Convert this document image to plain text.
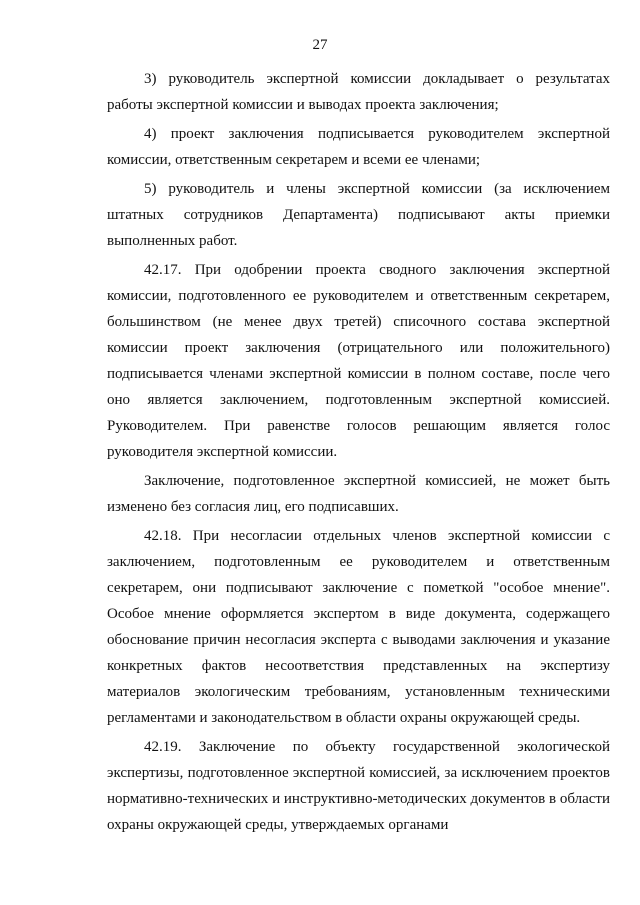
27

3) руководитель экспертной комиссии докладывает о результатах работы экспертной комиссии и выводах проекта заключения;

4) проект заключения подписывается руководителем экспертной комиссии, ответственным секретарем и всеми ее членами;

5) руководитель и члены экспертной комиссии (за исключением штатных сотрудников Департамента) подписывают акты приемки выполненных работ.

42.17. При одобрении проекта сводного заключения экспертной комиссии, подготовленного ее руководителем и ответственным секретарем, большинством (не менее двух третей) списочного состава экспертной комиссии проект заключения (отрицательного или положительного) подписывается членами экспертной комиссии в полном составе, после чего оно является заключением, подготовленным экспертной комиссией. Руководителем. При равенстве голосов решающим является голос руководителя экспертной комиссии.

Заключение, подготовленное экспертной комиссией, не может быть изменено без согласия лиц, его подписавших.

42.18. При несогласии отдельных членов экспертной комиссии с заключением, подготовленным ее руководителем и ответственным секретарем, они подписывают заключение с пометкой "особое мнение". Особое мнение оформляется экспертом в виде документа, содержащего обоснование причин несогласия эксперта с выводами заключения и указание конкретных фактов несоответствия представленных на экспертизу материалов экологическим требованиям, установленным техническими регламентами и законодательством в области охраны окружающей среды.

42.19. Заключение по объекту государственной экологической экспертизы, подготовленное экспертной комиссией, за исключением проектов нормативно-технических и инструктивно-методических документов в области охраны окружающей среды, утверждаемых органами
